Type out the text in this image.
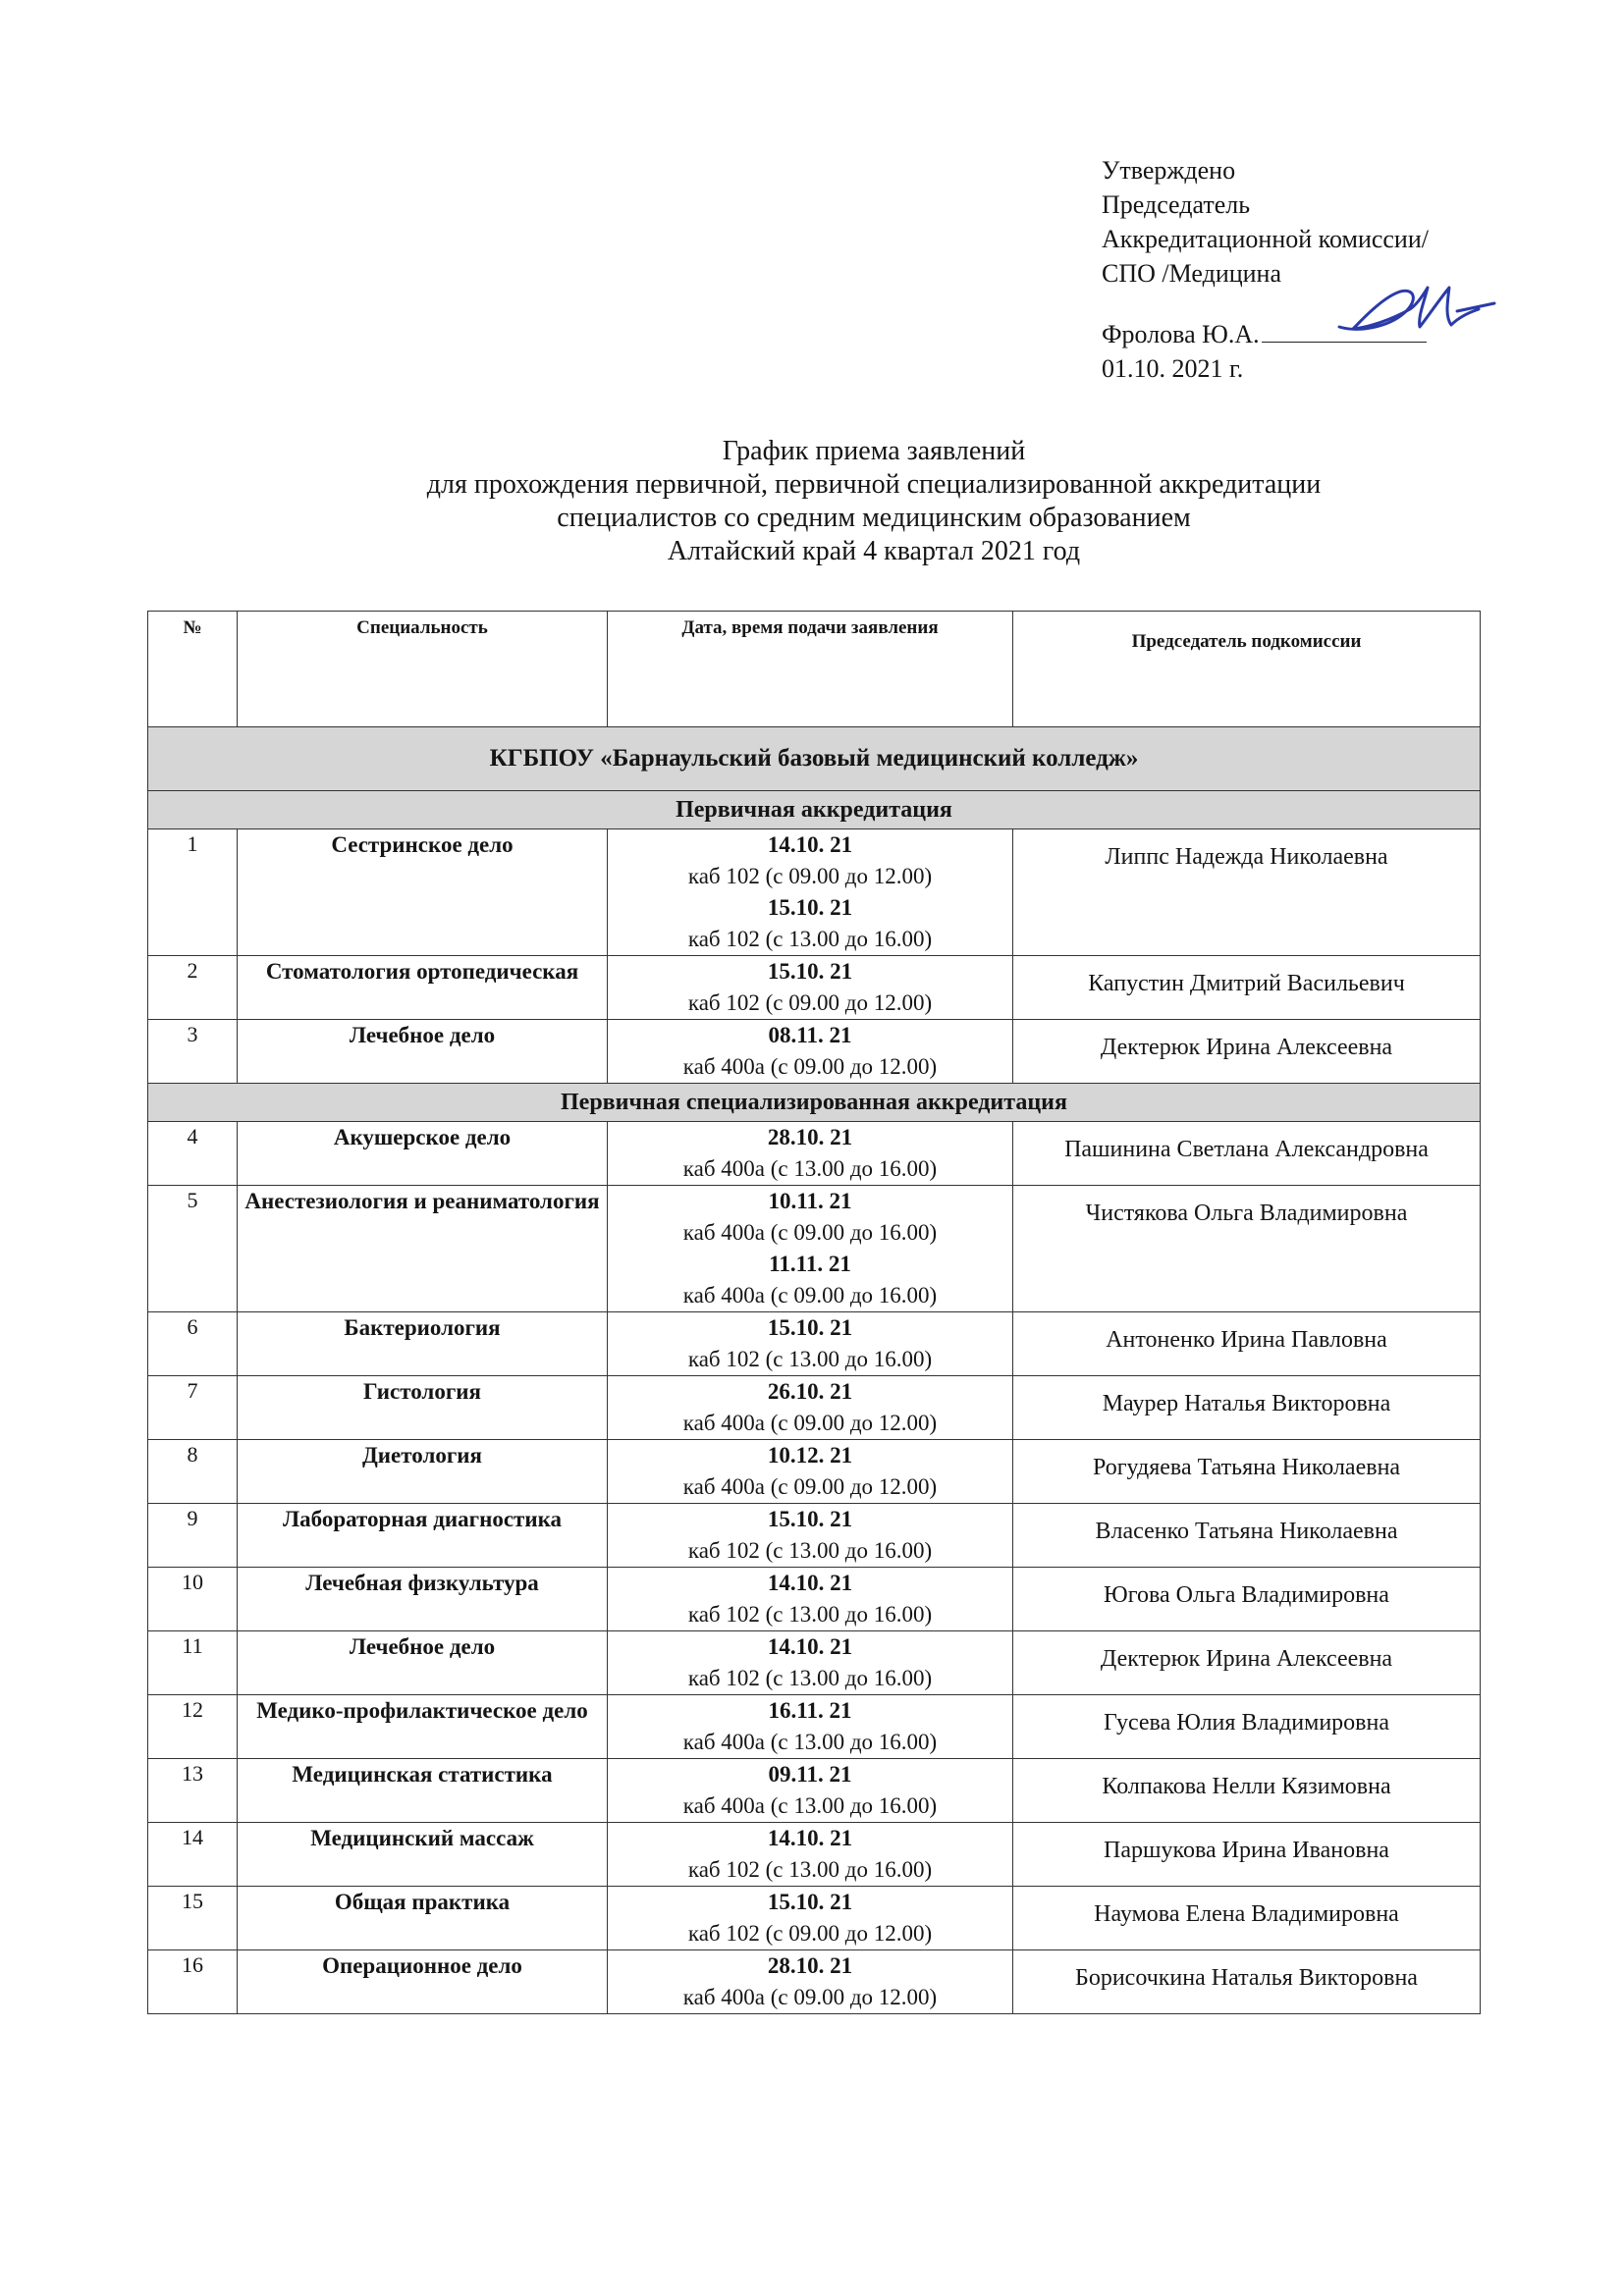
Утверждено
Председатель
Аккредитационной комиссии/
СПО /Медицина
Фролова Ю.А.
01.10. 2021 г.
График приема заявлений
для прохождения первичной, первичной специализированной аккредитации
специалистов со средним медицинским образованием
Алтайский край 4 квартал 2021 год
№	Специальность	Дата, время подачи заявления	Председатель подкомиссии
КГБПОУ «Барнаульский базовый медицинский колледж»			
Первичная аккредитация			
1	Сестринское дело	14.10. 21
каб 102 (с 09.00 до 12.00)
15.10. 21
каб 102 (с 13.00 до 16.00)	Липпс Надежда Николаевна
2	Стоматология ортопедическая	15.10. 21
каб 102 (с 09.00 до 12.00)	Капустин Дмитрий Васильевич
3	Лечебное дело	08.11. 21
каб 400а (с 09.00 до 12.00)	Дектерюк Ирина Алексеевна
Первичная специализированная аккредитация			
4	Акушерское дело	28.10. 21
каб 400а (с 13.00 до 16.00)	Пашинина Светлана Александровна
5	Анестезиология и реаниматология	10.11. 21
каб 400а (с 09.00 до 16.00)
11.11. 21
каб 400а (с 09.00 до 16.00)	Чистякова Ольга Владимировна
6	Бактериология	15.10. 21
каб 102 (с 13.00 до 16.00)	Антоненко Ирина Павловна
7	Гистология	26.10. 21
каб 400а (с 09.00 до 12.00)	Маурер Наталья Викторовна
8	Диетология	10.12. 21
каб 400а (с 09.00 до 12.00)	Рогудяева Татьяна Николаевна
9	Лабораторная диагностика	15.10. 21
каб 102 (с 13.00 до 16.00)	Власенко Татьяна Николаевна
10	Лечебная физкультура	14.10. 21
каб 102 (с 13.00 до 16.00)	Югова Ольга Владимировна
11	Лечебное дело	14.10. 21
каб 102 (с 13.00 до 16.00)	Дектерюк Ирина Алексеевна
12	Медико-профилактическое дело	16.11. 21
каб 400а (с 13.00 до 16.00)	Гусева Юлия Владимировна
13	Медицинская статистика	09.11. 21
каб 400а (с 13.00 до 16.00)	Колпакова Нелли Кязимовна
14	Медицинский массаж	14.10. 21
каб 102 (с 13.00 до 16.00)	Паршукова Ирина Ивановна
15	Общая практика	15.10. 21
каб 102 (с 09.00 до 12.00)	Наумова Елена Владимировна
16	Операционное дело	28.10. 21
каб 400а (с 09.00 до 12.00)	Борисочкина Наталья Викторовна
